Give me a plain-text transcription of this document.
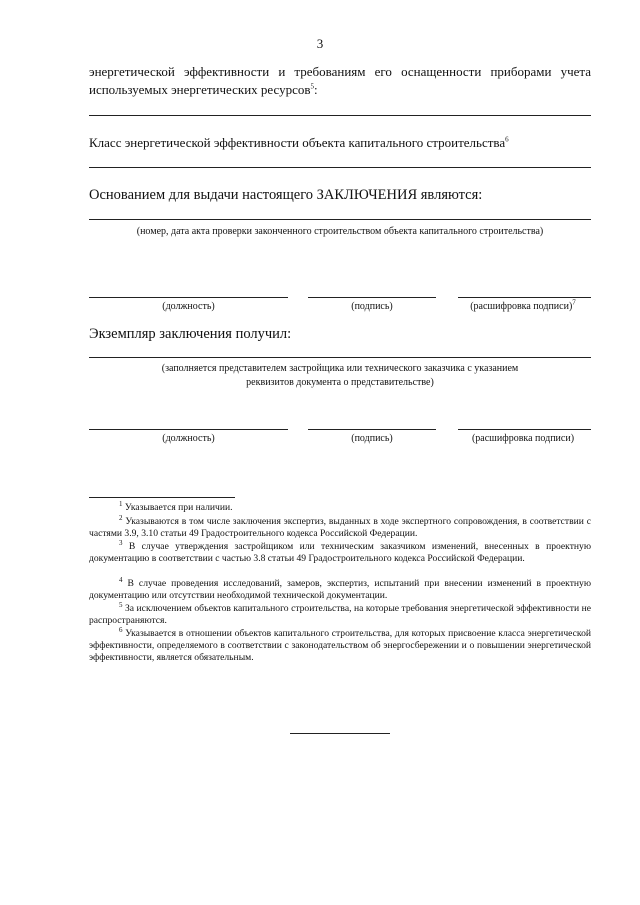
3
энергетической эффективности и требованиям его оснащенности приборами учета
используемых энергетических ресурсов$^5$:
Класс энергетической эффективности объекта капитального строительства$^6$
Основанием для выдачи настоящего ЗАКЛЮЧЕНИЯ являются:
(номер, дата акта проверки законченного строительством объекта капитального строительства)
(должность)	(подпись)	(расшифровка подписи)$^7$
Экземпляр заключения получил:
(заполняется представителем застройщика или технического заказчика с указанием
реквизитов документа о представительстве)
(должность)	(подпись)	(расшифровка подписи)
$^1$ Указывается при наличии.
$^2$ Указываются в том числе заключения экспертиз, выданных в ходе экспертного сопровождения, в соответствии с частями 3.9, 3.10 статьи 49 Градостроительного кодекса Российской Федерации.
$^3$ В случае утверждения застройщиком или техническим заказчиком изменений, внесенных в проектную документацию в соответствии с частью 3.8 статьи 49 Градостроительного кодекса Российской Федерации.
$^4$ В случае проведения исследований, замеров, экспертиз, испытаний при внесении изменений в проектную документацию или отсутствии необходимой технической документации.
$^5$ За исключением объектов капитального строительства, на которые требования энергетической эффективности не распространяются.
$^6$ Указывается в отношении объектов капитального строительства, для которых присвоение класса энергетической эффективности, определяемого в соответствии с законодательством об энергосбережении и о повышении энергетической эффективности, является обязательным.
